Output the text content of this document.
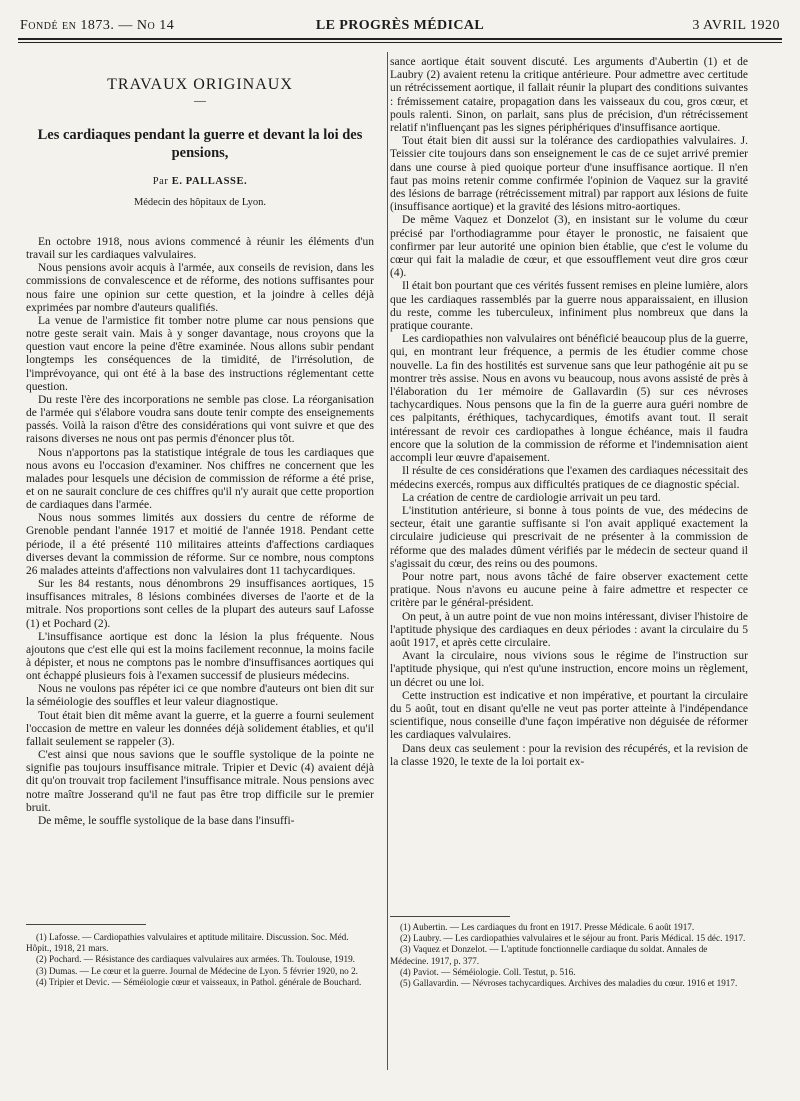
Fondé en 1873. — No 14	LE PROGRÈS MÉDICAL	3 AVRIL 1920
TRAVAUX ORIGINAUX
—
Les cardiaques pendant la guerre et devant la loi des pensions,
Par E. PALLASSE.
Médecin des hôpitaux de Lyon.

En octobre 1918, nous avions commencé à réunir les éléments d'un travail sur les cardiaques valvulaires.

Nous pensions avoir acquis à l'armée, aux conseils de revision, dans les commissions de convalescence et de réforme, des notions suffisantes pour nous faire une opinion sur cette question, et la joindre à celles déjà exprimées par nombre d'auteurs qualifiés.

La venue de l'armistice fit tomber notre plume car nous pensions que notre geste serait vain. Mais à y songer davantage, nous croyons que la question vaut encore la peine d'être examinée. Nous allons subir pendant longtemps les conséquences de la timidité, de l'irrésolution, de l'imprévoyance, qui ont été à la base des instructions réglementant cette question.

Du reste l'ère des incorporations ne semble pas close. La réorganisation de l'armée qui s'élabore voudra sans doute tenir compte des enseignements passés. Voilà la raison d'être des considérations qui vont suivre et que des raisons diverses ne nous ont pas permis d'énoncer plus tôt.

Nous n'apportons pas la statistique intégrale de tous les cardiaques que nous avons eu l'occasion d'examiner. Nos chiffres ne concernent que les malades pour lesquels une décision de commission de réforme a été prise, et on ne saurait conclure de ces chiffres qu'il n'y aurait que cette proportion de cardiaques dans l'armée.

Nous nous sommes limités aux dossiers du centre de réforme de Grenoble pendant l'année 1917 et moitié de l'année 1918. Pendant cette période, il a été présenté 110 militaires atteints d'affections cardiaques diverses devant la commission de réforme. Sur ce nombre, nous comptons 26 malades atteints d'affections non valvulaires dont 11 tachycardiques.

Sur les 84 restants, nous dénombrons 29 insuffisances aortiques, 15 insuffisances mitrales, 8 lésions combinées diverses de l'aorte et de la mitrale. Nos proportions sont celles de la plupart des auteurs sauf Lafosse (1) et Pochard (2).

L'insuffisance aortique est donc la lésion la plus fréquente. Nous ajoutons que c'est elle qui est la moins facilement reconnue, la moins facile à dépister, et nous ne comptons pas le nombre d'insuffisances aortiques qui ont échappé plusieurs fois à l'examen successif de plusieurs médecins.

Nous ne voulons pas répéter ici ce que nombre d'auteurs ont bien dit sur la séméiologie des souffles et leur valeur diagnostique.

Tout était bien dit même avant la guerre, et la guerre a fourni seulement l'occasion de mettre en valeur les données déjà solidement établies, et qu'il fallait seulement se rappeler (3).

C'est ainsi que nous savions que le souffle systolique de la pointe ne signifie pas toujours insuffisance mitrale. Tripier et Devic (4) avaient déjà dit qu'on trouvait trop facilement l'insuffisance mitrale. Nous pensions avec notre maître Josserand qu'il ne faut pas être trop difficile sur le premier bruit.

De même, le souffle systolique de la base dans l'insuffi-

(1) Lafosse. — Cardiopathies valvulaires et aptitude militaire. Discussion. Soc. Méd. Hôpit., 1918, 21 mars.
(2) Pochard. — Résistance des cardiaques valvulaires aux armées. Th. Toulouse, 1919.
(3) Dumas. — Le cœur et la guerre. Journal de Médecine de Lyon. 5 février 1920, no 2.
(4) Tripier et Devic. — Séméiologie cœur et vaisseaux, in Pathol. générale de Bouchard.

sance aortique était souvent discuté. Les arguments d'Aubertin (1) et de Laubry (2) avaient retenu la critique antérieure. Pour admettre avec certitude un rétrécissement aortique, il fallait réunir la plupart des conditions suivantes : frémissement cataire, propagation dans les vaisseaux du cou, gros cœur, et pouls ralenti. Sinon, on parlait, sans plus de précision, d'un rétrécissement relatif n'influençant pas les signes périphériques d'insuffisance aortique.

Tout était bien dit aussi sur la tolérance des cardiopathies valvulaires. J. Teissier cite toujours dans son enseignement le cas de ce sujet arrivé premier dans une course à pied quoique porteur d'une insuffisance aortique. Il n'en faut pas moins retenir comme confirmée l'opinion de Vaquez sur la gravité des lésions de barrage (rétrécissement mitral) par rapport aux lésions de fuite (insuffisance aortique) et la gravité des lésions mitro-aortiques.

De même Vaquez et Donzelot (3), en insistant sur le volume du cœur précisé par l'orthodiagramme pour étayer le pronostic, ne faisaient que confirmer par leur autorité une opinion bien établie, que c'est le volume du cœur qui fait la maladie de cœur, et que essoufflement veut dire gros cœur (4).

Il était bon pourtant que ces vérités fussent remises en pleine lumière, alors que les cardiaques rassemblés par la guerre nous apparaissaient, en illusion du reste, comme les tuberculeux, infiniment plus nombreux que dans la pratique courante.

Les cardiopathies non valvulaires ont bénéficié beaucoup plus de la guerre, qui, en montrant leur fréquence, a permis de les étudier comme chose nouvelle. La fin des hostilités est survenue sans que leur pathogénie ait pu se montrer très assise. Nous en avons vu beaucoup, nous avons assisté de près à l'élaboration du 1er mémoire de Gallavardin (5) sur ces névroses tachycardiques. Nous pensons que la fin de la guerre aura guéri nombre de ces palpitants, éréthiques, tachycardiques, émotifs avant tout. Il serait intéressant de revoir ces cardiopathes à longue échéance, mais il faudra encore que la solution de la commission de réforme et l'indemnisation aient accompli leur œuvre d'apaisement.

Il résulte de ces considérations que l'examen des cardiaques nécessitait des médecins exercés, rompus aux difficultés pratiques de ce diagnostic spécial.

La création de centre de cardiologie arrivait un peu tard.

L'institution antérieure, si bonne à tous points de vue, des médecins de secteur, était une garantie suffisante si l'on avait appliqué exactement la circulaire judicieuse qui prescrivait de ne présenter à la commission de réforme que des malades dûment vérifiés par le médecin de secteur quand il s'agissait du cœur, des reins ou des poumons.

Pour notre part, nous avons tâché de faire observer exactement cette pratique. Nous n'avons eu aucune peine à faire admettre et respecter ce critère par le général-président.

On peut, à un autre point de vue non moins intéressant, diviser l'histoire de l'aptitude physique des cardiaques en deux périodes : avant la circulaire du 5 août 1917, et après cette circulaire.

Avant la circulaire, nous vivions sous le régime de l'instruction sur l'aptitude physique, qui n'est qu'une instruction, encore moins un règlement, un décret ou une loi.

Cette instruction est indicative et non impérative, et pourtant la circulaire du 5 août, tout en disant qu'elle ne veut pas porter atteinte à l'indépendance scientifique, nous conseille d'une façon impérative non déguisée de réformer les cardiaques valvulaires.

Dans deux cas seulement : pour la revision des récupérés, et la revision de la classe 1920, le texte de la loi portait ex-

(1) Aubertin. — Les cardiaques du front en 1917. Presse Médicale. 6 août 1917.
(2) Laubry. — Les cardiopathies valvulaires et le séjour au front. Paris Médical. 15 déc. 1917.
(3) Vaquez et Donzelot. — L'aptitude fonctionnelle cardiaque du soldat. Annales de Médecine. 1917, p. 377.
(4) Paviot. — Séméiologie. Coll. Testut, p. 516.
(5) Gallavardin. — Névroses tachycardiques. Archives des maladies du cœur. 1916 et 1917.
